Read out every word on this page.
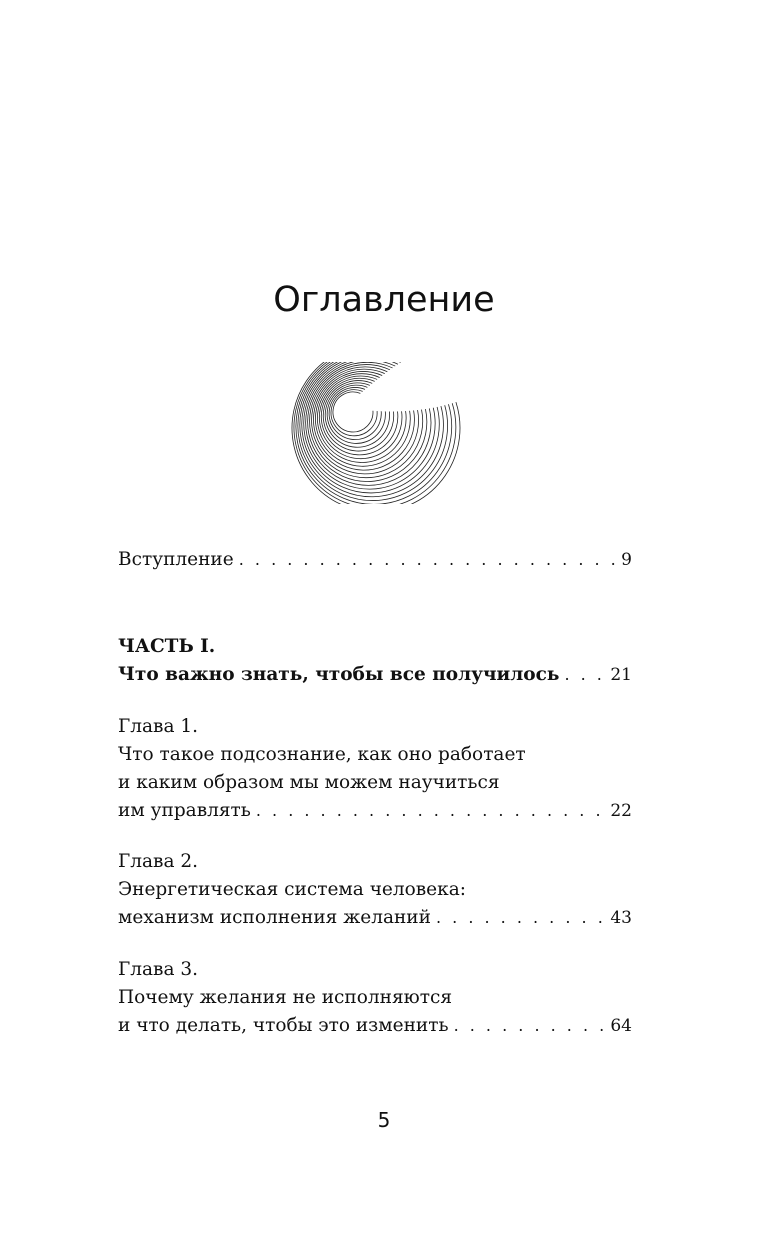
Оглавление
Вступление . . .	9
ЧАСТЬ I.
Что важно знать, чтобы все получилось . . .	21
Глава 1.
Что такое подсознание, как оно работает
и каким образом мы можем научиться
им управлять . . .	22
Глава 2.
Энергетическая система человека:
механизм исполнения желаний . . .	43
Глава 3.
Почему желания не исполняются
и что делать, чтобы это изменить . . .	64
5
